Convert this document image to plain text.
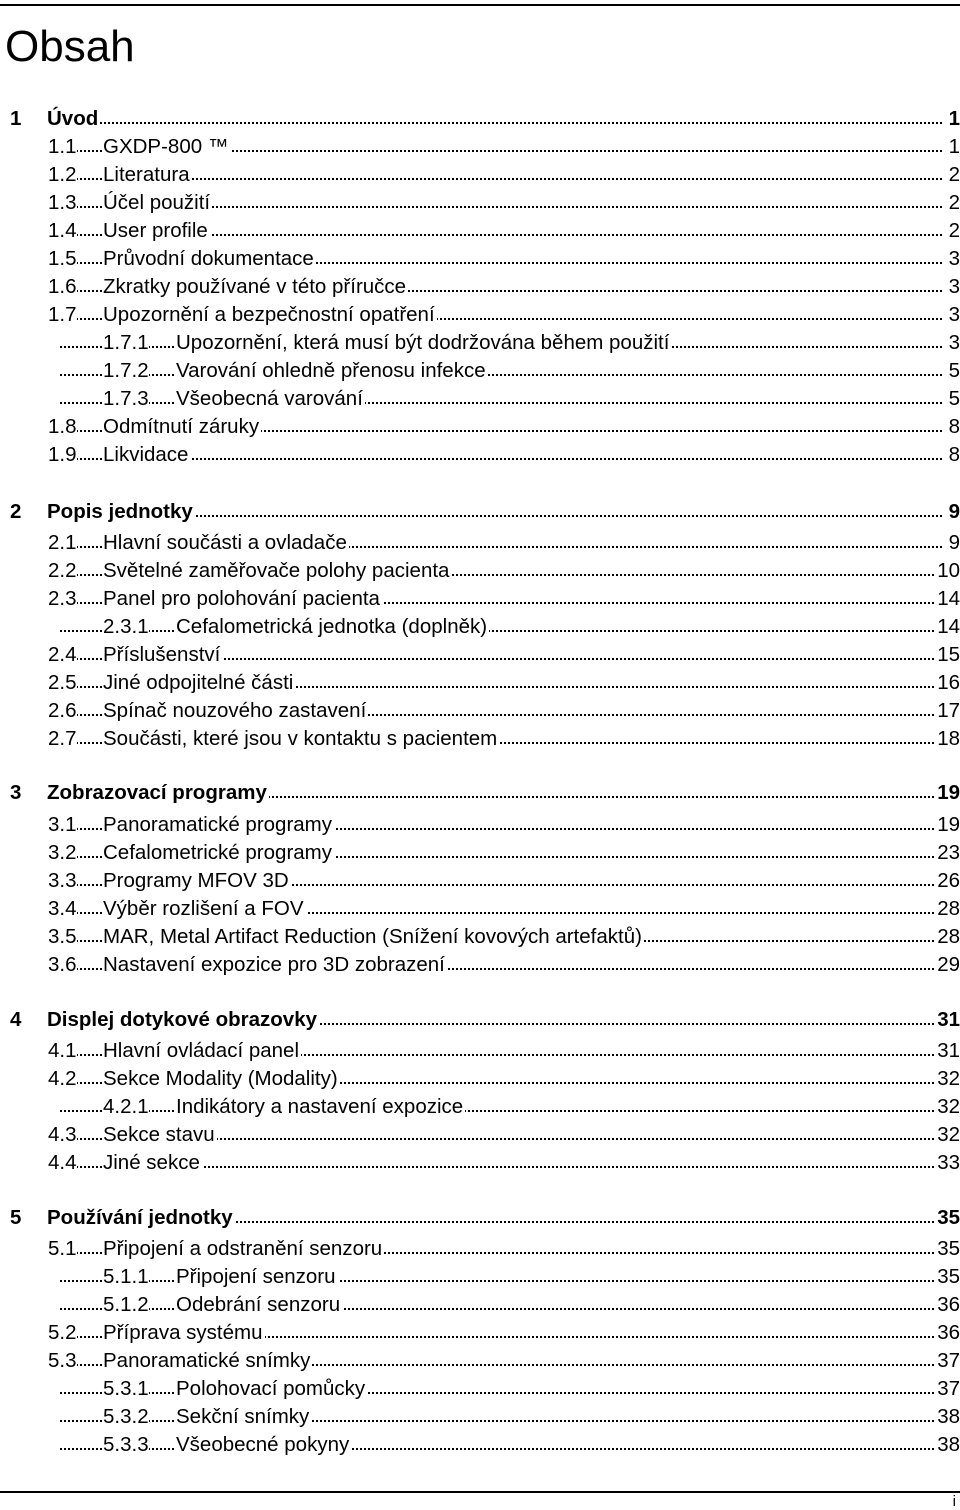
Obsah
1 Úvod	1
1.1 GXDP-800 ™	1
1.2 Literatura	2
1.3 Účel použití	2
1.4 User profile	2
1.5 Průvodní dokumentace	3
1.6 Zkratky používané v této příručce	3
1.7 Upozornění a bezpečnostní opatření	3
1.7.1 Upozornění, která musí být dodržována během použití	3
1.7.2 Varování ohledně přenosu infekce	5
1.7.3 Všeobecná varování	5
1.8 Odmítnutí záruky	8
1.9 Likvidace	8
2 Popis jednotky	9
2.1 Hlavní součásti a ovladače	9
2.2 Světelné zaměřovače polohy pacienta	10
2.3 Panel pro polohování pacienta	14
2.3.1 Cefalometrická jednotka (doplněk)	14
2.4 Příslušenství	15
2.5 Jiné odpojitelné části	16
2.6 Spínač nouzového zastavení	17
2.7 Součásti, které jsou v kontaktu s pacientem	18
3 Zobrazovací programy	19
3.1 Panoramatické programy	19
3.2 Cefalometrické programy	23
3.3 Programy MFOV 3D	26
3.4 Výběr rozlišení a FOV	28
3.5 MAR, Metal Artifact Reduction (Snížení kovových artefaktů)	28
3.6 Nastavení expozice pro 3D zobrazení	29
4 Displej dotykové obrazovky	31
4.1 Hlavní ovládací panel	31
4.2 Sekce Modality (Modality)	32
4.2.1 Indikátory a nastavení expozice	32
4.3 Sekce stavu	32
4.4 Jiné sekce	33
5 Používání jednotky	35
5.1 Připojení a odstranění senzoru	35
5.1.1 Připojení senzoru	35
5.1.2 Odebrání senzoru	36
5.2 Příprava systému	36
5.3 Panoramatické snímky	37
5.3.1 Polohovací pomůcky	37
5.3.2 Sekční snímky	38
5.3.3 Všeobecné pokyny	38
i
